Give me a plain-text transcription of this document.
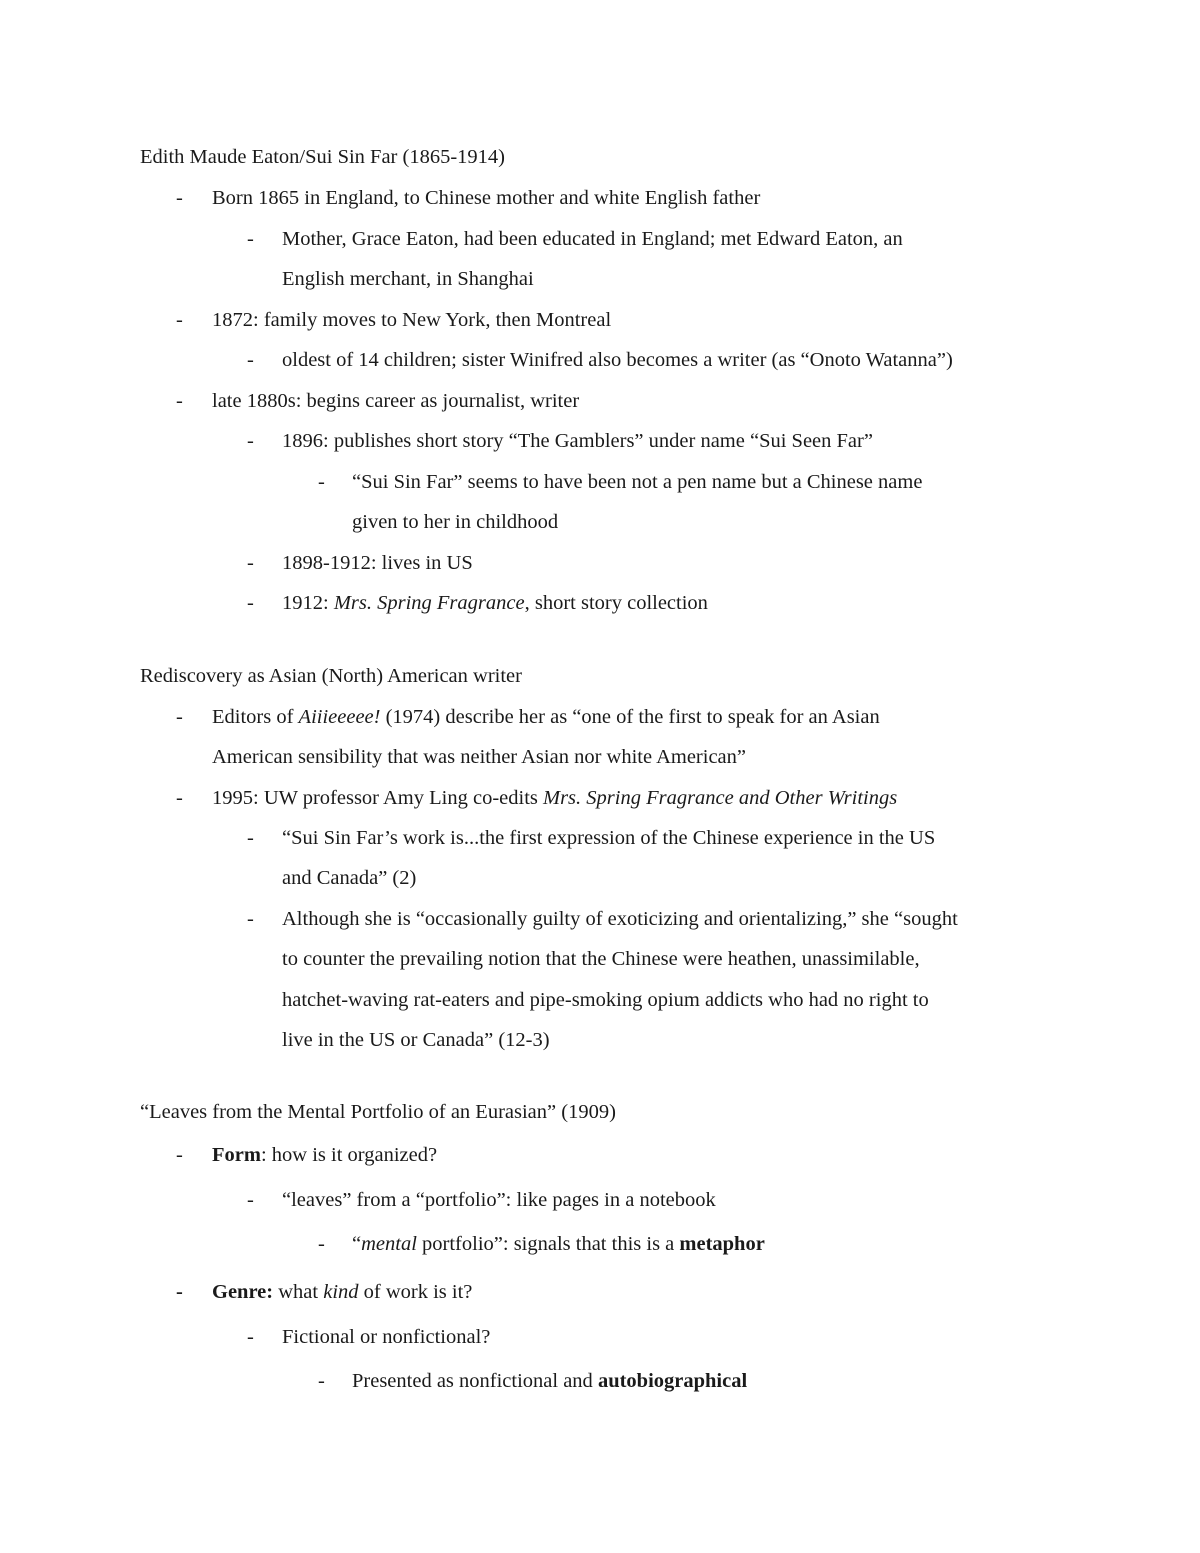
Edith Maude Eaton/Sui Sin Far (1865-1914)
- Born 1865 in England, to Chinese mother and white English father
- Mother, Grace Eaton, had been educated in England; met Edward Eaton, an
English merchant, in Shanghai
- 1872: family moves to New York, then Montreal
- oldest of 14 children; sister Winifred also becomes a writer (as “Onoto Watanna”)
- late 1880s: begins career as journalist, writer
- 1896: publishes short story “The Gamblers” under name “Sui Seen Far”
- “Sui Sin Far” seems to have been not a pen name but a Chinese name
given to her in childhood
- 1898-1912: lives in US
- 1912: Mrs. Spring Fragrance, short story collection
Rediscovery as Asian (North) American writer
- Editors of Aiiieeeee! (1974) describe her as “one of the first to speak for an Asian
American sensibility that was neither Asian nor white American”
- 1995: UW professor Amy Ling co-edits Mrs. Spring Fragrance and Other Writings
- “Sui Sin Far’s work is...the first expression of the Chinese experience in the US
and Canada” (2)
- Although she is “occasionally guilty of exoticizing and orientalizing,” she “sought
to counter the prevailing notion that the Chinese were heathen, unassimilable,
hatchet-waving rat-eaters and pipe-smoking opium addicts who had no right to
live in the US or Canada” (12-3)
“Leaves from the Mental Portfolio of an Eurasian” (1909)
- Form: how is it organized?
- “leaves” from a “portfolio”: like pages in a notebook
- “mental portfolio”: signals that this is a metaphor
- Genre: what kind of work is it?
- Fictional or nonfictional?
- Presented as nonfictional and autobiographical
